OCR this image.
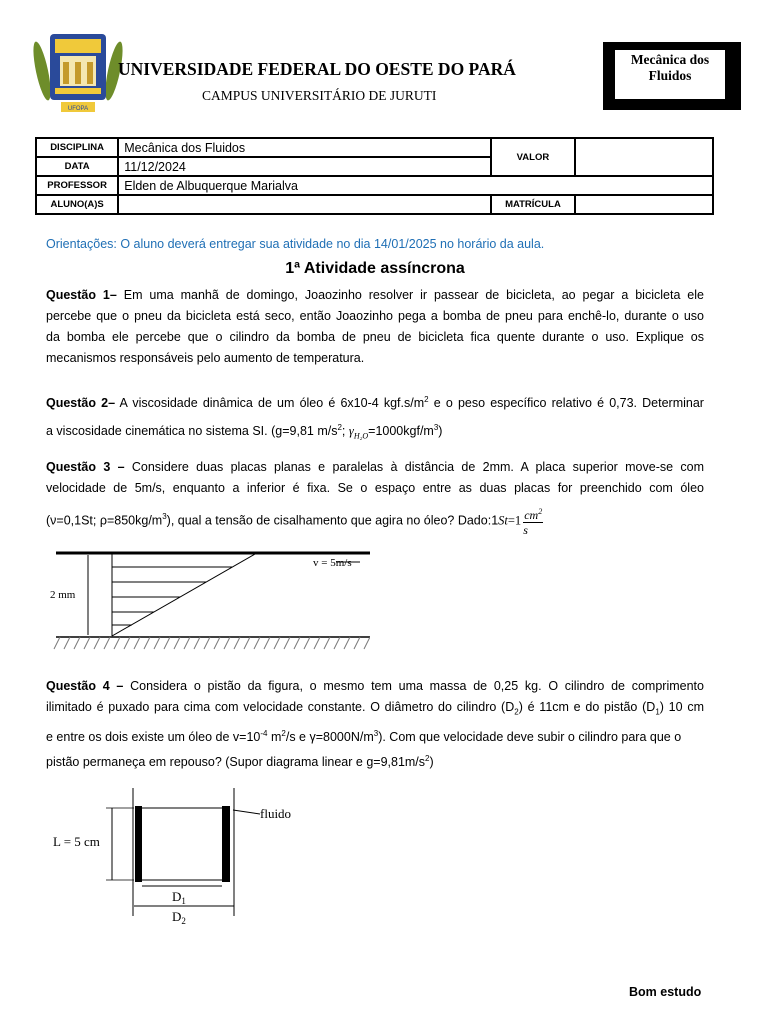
UFOPA
UNIVERSIDADE FEDERAL DO OESTE DO PARÁ
CAMPUS UNIVERSITÁRIO DE JURUTI
Mecânica dos Fluidos
DISCIPLINA	Mecânica dos Fluidos	VALOR	
DATA	11/12/2024		
PROFESSOR	Elden de Albuquerque Marialva		
ALUNO(A)S		MATRÍCULA	
Orientações: O aluno deverá entregar sua atividade no dia 14/01/2025 no horário da aula.
1ª Atividade assíncrona
Questão 1– Em uma manhã de domingo, Joaozinho resolver ir passear de bicicleta, ao pegar a bicicleta ele
percebe que o pneu da bicicleta está seco, então Joaozinho pega a bomba de pneu para enchê-lo, durante o uso
da bomba ele percebe que o cilindro da bomba de pneu de bicicleta fica quente durante o uso. Explique os
mecanismos responsáveis pelo aumento de temperatura.
Questão 2– A viscosidade dinâmica de um óleo é 6x10-4 $kgf.s/m^2$ e o peso específico relativo é 0,73. Determinar
a viscosidade cinemática no sistema SI. (g=9,81 $m/s^2$; $\gamma_{H_2O}=1000kgf/m^3$)
Questão 3 – Considere duas placas planas e paralelas à distância de 2mm. A placa superior move-se com
velocidade de 5m/s, enquanto a inferior é fixa. Se o espaço entre as duas placas for preenchido com óleo
(ν=0,1St; $\rho=850kg/m^3$), qual a tensão de cisalhamento que agira no óleo? Dado:1St=1 $\frac{cm^2}{s}$
2 mm
v = 5m/s
Questão 4 – Considera o pistão da figura, o mesmo tem uma massa de 0,25 kg. O cilindro de comprimento
ilimitado é puxado para cima com velocidade constante. O diâmetro do cilindro $(D_2)$ é 11cm e do pistão $(D_1)$ 10 cm
e entre os dois existe um óleo de $v=10^{-4}$ $m^2/s$ e $\gamma=8000N/m^3$). Com que velocidade deve subir o cilindro para que o
pistão permaneça em repouso? (Supor diagrama linear e $g=9,81m/s^2$)
fluido
L = 5 cm
$D_1$
$D_2$
Bom estudo
